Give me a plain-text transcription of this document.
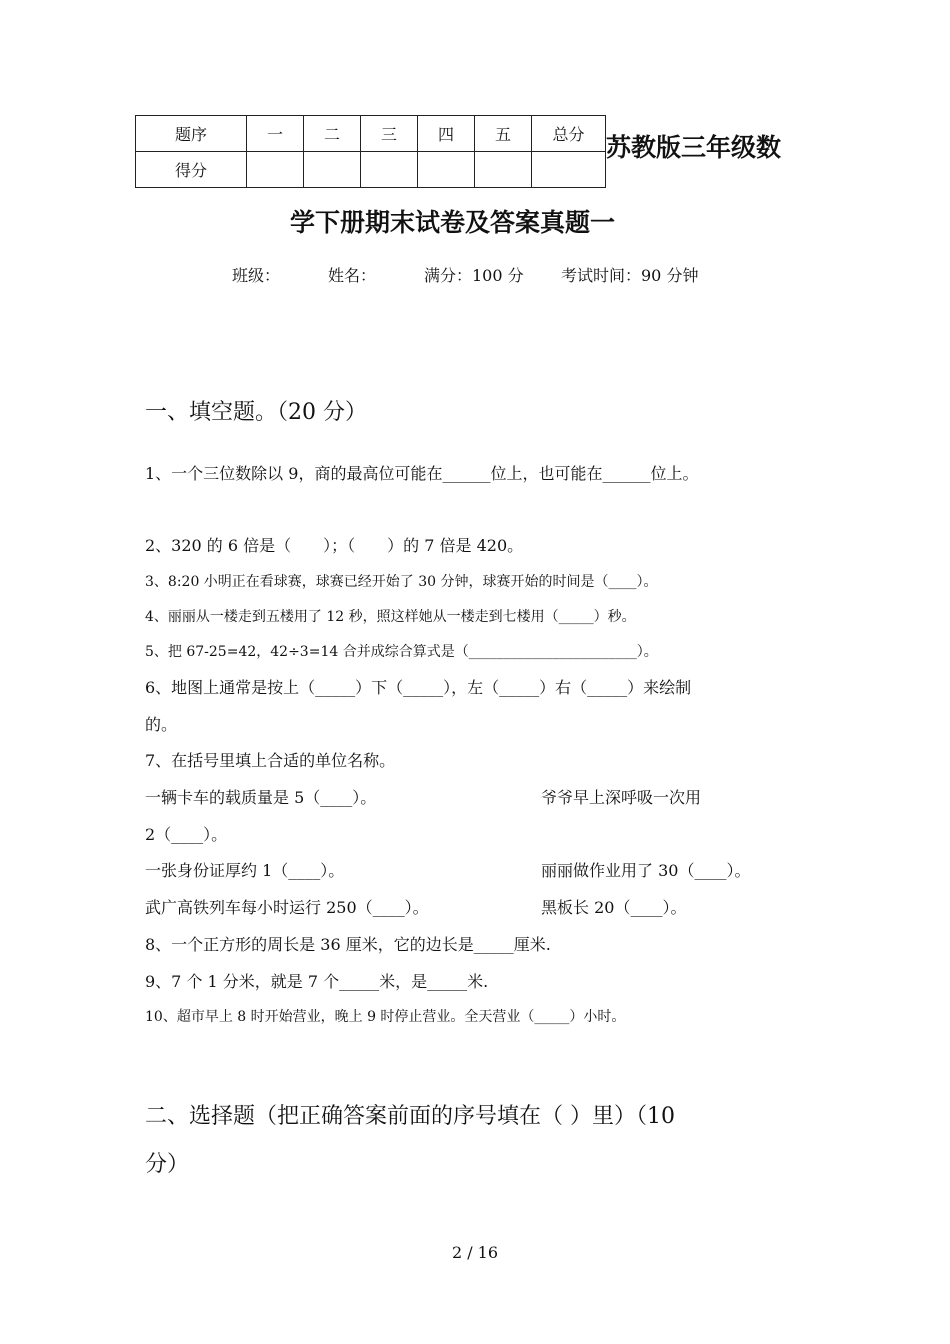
题序	一	二	三	四	五	总分
得分						
苏教版三年级数
学下册期末试卷及答案真题一
班级：	姓名：	满分：100 分 考试时间：90 分钟
一、填空题。（20 分）
1、一个三位数除以 9，商的最高位可能在______位上，也可能在______位上。
2、320 的 6 倍是（　　）；（　　）的 7 倍是 420。
3、8:20 小明正在看球赛，球赛已经开始了 30 分钟，球赛开始的时间是（____）。
4、丽丽从一楼走到五楼用了 12 秒，照这样她从一楼走到七楼用（_____）秒。
5、把 67-25=42，42÷3=14 合并成综合算式是（________________________）。
6、地图上通常是按上（_____）下（_____），左（_____）右（_____）来绘制
的。
7、在括号里填上合适的单位名称。
一辆卡车的载质量是 5（____）。	爷爷早上深呼吸一次用
2（____）。
一张身份证厚约 1（____）。	丽丽做作业用了 30（____）。
武广高铁列车每小时运行 250（____）。	黑板长 20（____）。
8、一个正方形的周长是 36 厘米，它的边长是_____厘米.
9、7 个 1 分米，就是 7 个_____米，是_____米.
10、超市早上 8 时开始营业，晚上 9 时停止营业。全天营业（_____）小时。
二、选择题（把正确答案前面的序号填在（ ）里）（10
分）
2 / 16
